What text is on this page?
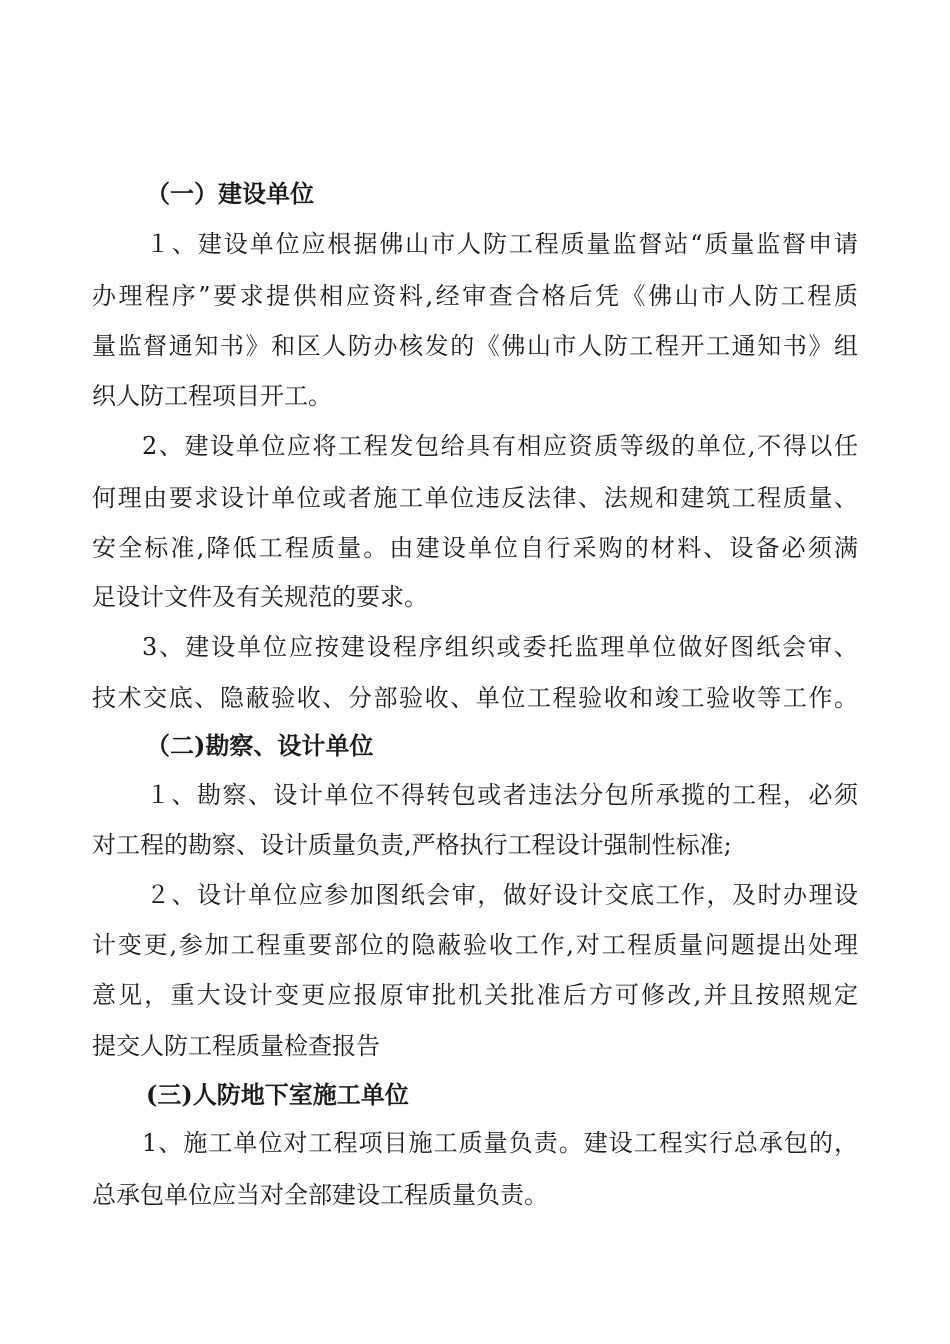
（一）建设单位
１、建设单位应根据佛山市人防工程质量监督站“质量监督申请
办理程序”要求提供相应资料,经审查合格后凭《佛山市人防工程质
量监督通知书》和区人防办核发的《佛山市人防工程开工通知书》组
织人防工程项目开工。
2、建设单位应将工程发包给具有相应资质等级的单位,不得以任
何理由要求设计单位或者施工单位违反法律、法规和建筑工程质量、
安全标准,降低工程质量。由建设单位自行采购的材料、设备必须满
足设计文件及有关规范的要求。
3、建设单位应按建设程序组织或委托监理单位做好图纸会审、
技术交底、隐蔽验收、分部验收、单位工程验收和竣工验收等工作。
（二)勘察、设计单位
１、勘察、设计单位不得转包或者违法分包所承揽的工程，必须
对工程的勘察、设计质量负责,严格执行工程设计强制性标准;
２、设计单位应参加图纸会审，做好设计交底工作，及时办理设
计变更,参加工程重要部位的隐蔽验收工作,对工程质量问题提出处理
意见，重大设计变更应报原审批机关批准后方可修改,并且按照规定
提交人防工程质量检查报告
(三)人防地下室施工单位
1、施工单位对工程项目施工质量负责。建设工程实行总承包的，
总承包单位应当对全部建设工程质量负责。
